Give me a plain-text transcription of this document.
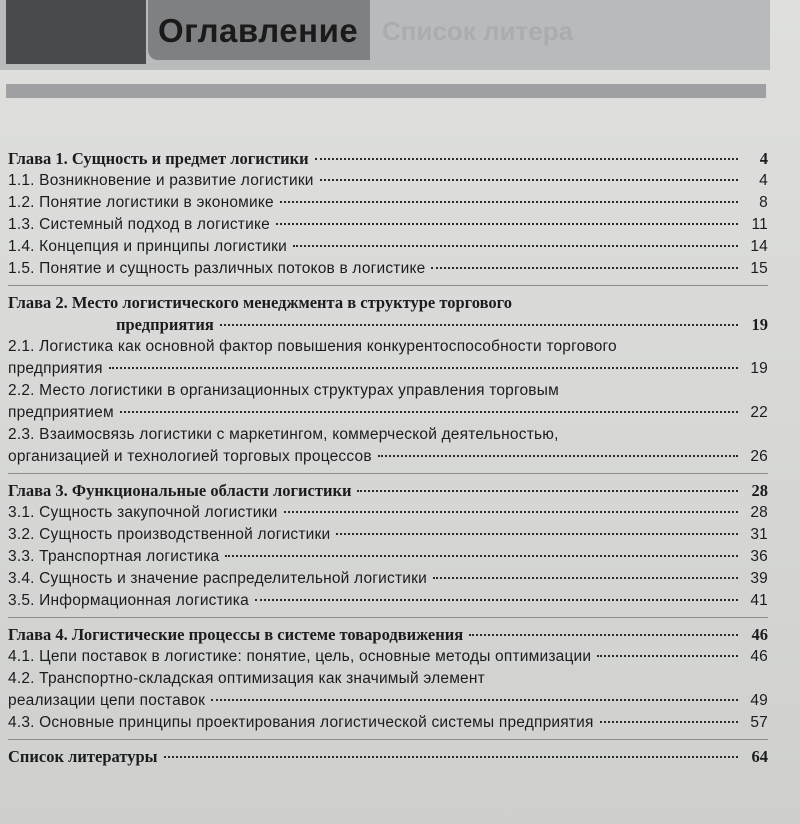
Список литера
Оглавление
Глава 1. Сущность и предмет логистики	4
1.1. Возникновение и развитие логистики	4
1.2. Понятие логистики в экономике	8
1.3. Системный подход в логистике	11
1.4. Концепция и принципы логистики	14
1.5. Понятие и сущность различных потоков в логистике	15
Глава 2. Место логистического менеджмента в структуре торгового
предприятия	19
2.1. Логистика как основной фактор повышения конкурентоспособности торгового
предприятия	19
2.2. Место логистики в организационных структурах управления торговым
предприятием	22
2.3. Взаимосвязь логистики с маркетингом, коммерческой деятельностью,
организацией и технологией торговых процессов	26
Глава 3. Функциональные области логистики	28
3.1. Сущность закупочной логистики	28
3.2. Сущность производственной логистики	31
3.3. Транспортная логистика	36
3.4. Сущность и значение распределительной логистики	39
3.5. Информационная логистика	41
Глава 4. Логистические процессы в системе товародвижения	46
4.1. Цепи поставок в логистике: понятие, цель, основные методы оптимизации	46
4.2. Транспортно-складская оптимизация как значимый элемент
реализации цепи поставок	49
4.3. Основные принципы проектирования логистической системы предприятия	57
Список литературы	64
